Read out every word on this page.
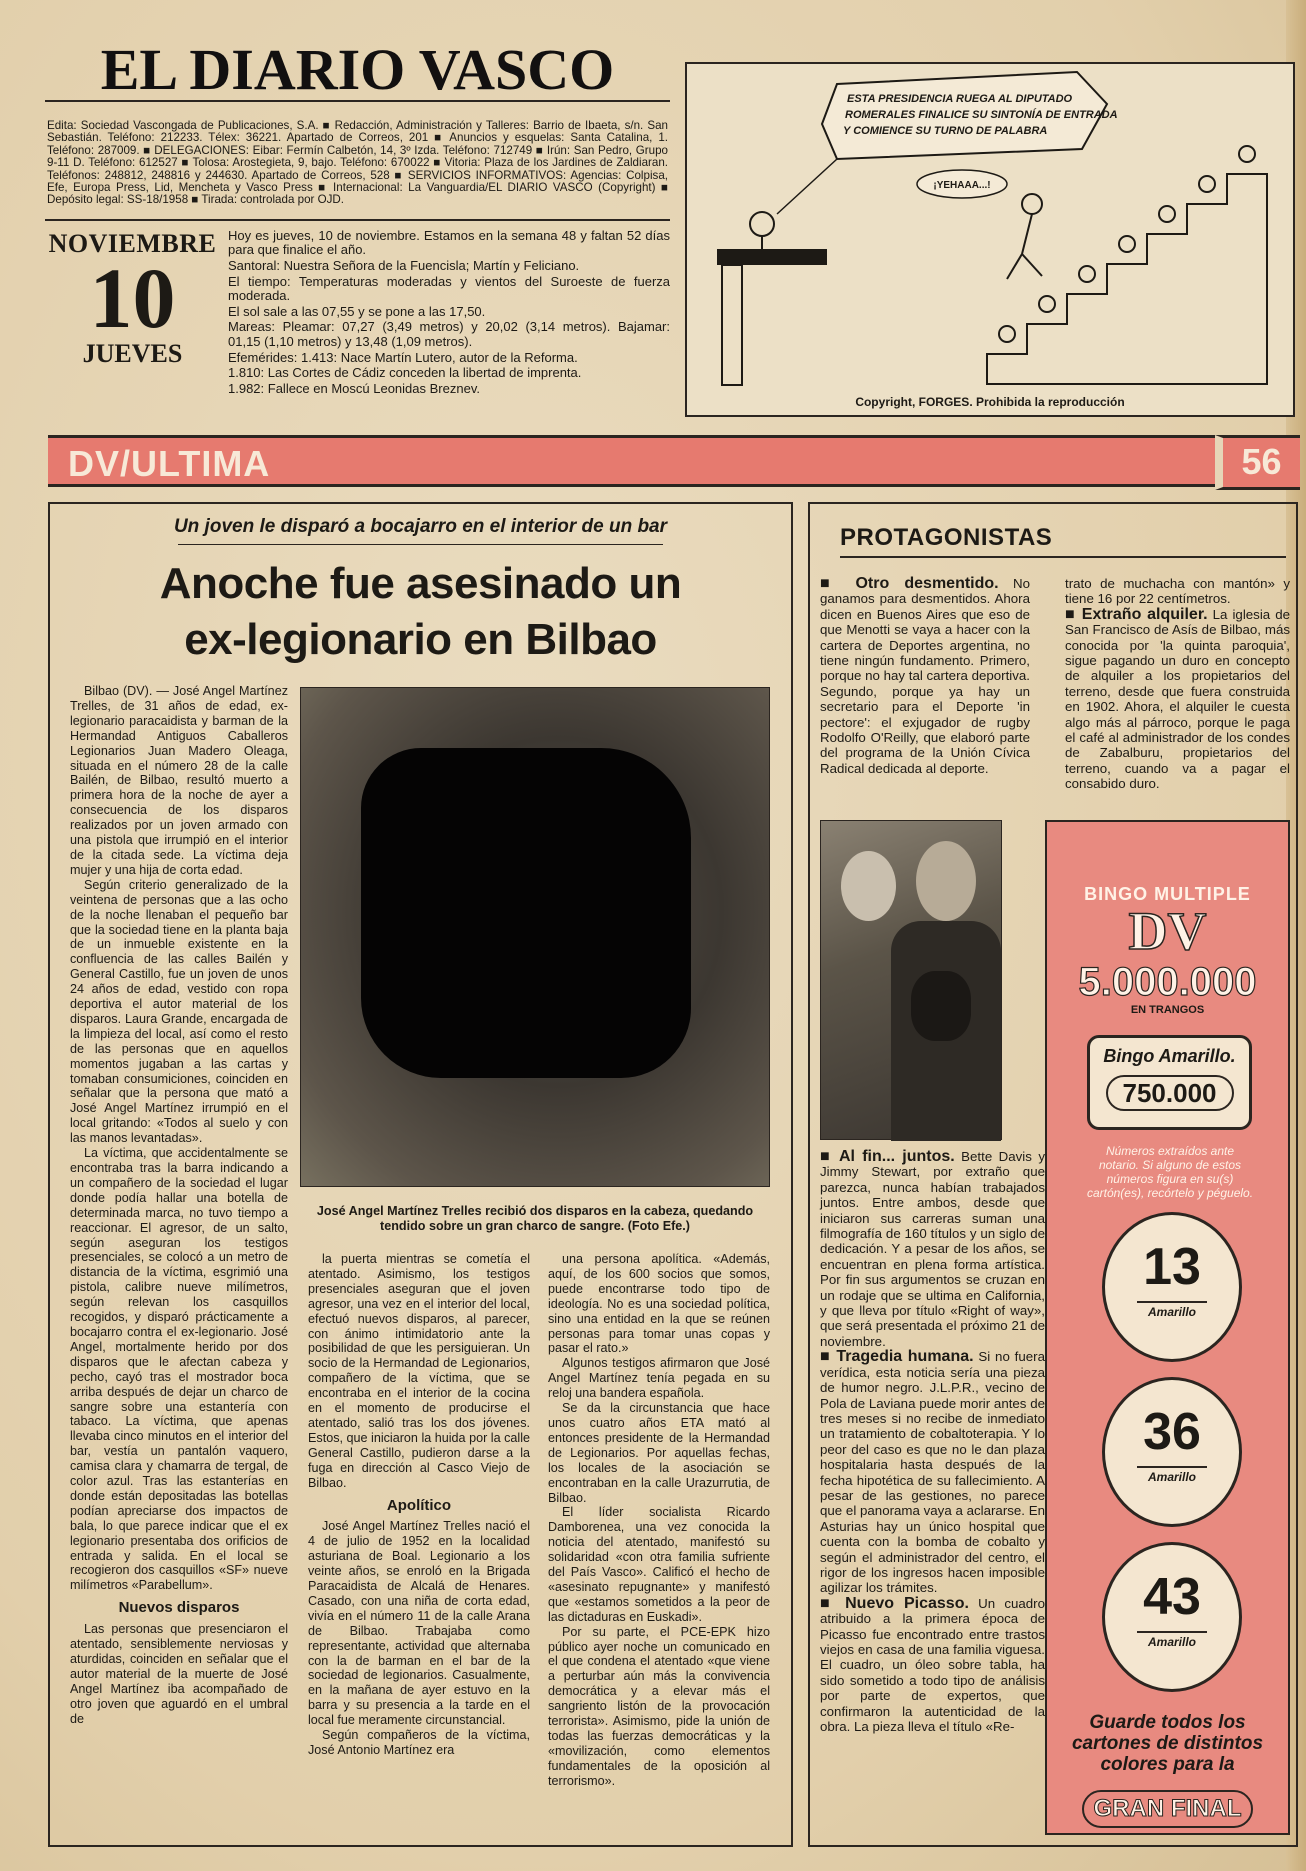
EL DIARIO VASCO
Edita: Sociedad Vascongada de Publicaciones, S.A. ■ Redacción, Administración y Talleres: Barrio de Ibaeta, s/n. San Sebastián. Teléfono: 212233. Télex: 36221. Apartado de Correos, 201 ■ Anuncios y esquelas: Santa Catalina, 1. Teléfono: 287009. ■ DELEGACIONES: Eibar: Fermín Calbetón, 14, 3º Izda. Teléfono: 712749 ■ Irún: San Pedro, Grupo 9-11 D. Teléfono: 612527 ■ Tolosa: Arostegieta, 9, bajo. Teléfono: 670022 ■ Vitoria: Plaza de los Jardines de Zaldiaran. Teléfonos: 248812, 248816 y 244630. Apartado de Correos, 528 ■ SERVICIOS INFORMATIVOS: Agencias: Colpisa, Efe, Europa Press, Lid, Mencheta y Vasco Press ■ Internacional: La Vanguardia/EL DIARIO VASCO (Copyright) ■ Depósito legal: SS-18/1958 ■ Tirada: controlada por OJD.
NOVIEMBRE
10
JUEVES

Hoy es jueves, 10 de noviembre. Estamos en la semana 48 y faltan 52 días para que finalice el año.

Santoral: Nuestra Señora de la Fuencisla; Martín y Feliciano.

El tiempo: Temperaturas moderadas y vientos del Suroeste de fuerza moderada.

El sol sale a las 07,55 y se pone a las 17,50.

Mareas: Pleamar: 07,27 (3,49 metros) y 20,02 (3,14 metros). Bajamar: 01,15 (1,10 metros) y 13,48 (1,09 metros).

Efemérides: 1.413: Nace Martín Lutero, autor de la Reforma.

1.810: Las Cortes de Cádiz conceden la libertad de imprenta.

1.982: Fallece en Moscú Leonidas Breznev.

ESTA PRESIDENCIA RUEGA AL DIPUTADO ROMERALES FINALICE SU SINTONÍA DE ENTRADA Y COMIENCE SU TURNO DE PALABRA
¡YEHAAA...!
Copyright, FORGES. Prohibida la reproducción
DV/ULTIMA	56
Un joven le disparó a bocajarro en el interior de un bar
Anoche fue asesinado un
ex-legionario en Bilbao

Bilbao (DV). — José Angel Martínez Trelles, de 31 años de edad, ex-legionario paracaidista y barman de la Hermandad Antiguos Caballeros Legionarios Juan Madero Oleaga, situada en el número 28 de la calle Bailén, de Bilbao, resultó muerto a primera hora de la noche de ayer a consecuencia de los disparos realizados por un joven armado con una pistola que irrumpió en el interior de la citada sede. La víctima deja mujer y una hija de corta edad.

Según criterio generalizado de la veintena de personas que a las ocho de la noche llenaban el pequeño bar que la sociedad tiene en la planta baja de un inmueble existente en la confluencia de las calles Bailén y General Castillo, fue un joven de unos 24 años de edad, vestido con ropa deportiva el autor material de los disparos. Laura Grande, encargada de la limpieza del local, así como el resto de las personas que en aquellos momentos jugaban a las cartas y tomaban consumiciones, coinciden en señalar que la persona que mató a José Angel Martínez irrumpió en el local gritando: «Todos al suelo y con las manos levantadas».

La víctima, que accidentalmente se encontraba tras la barra indicando a un compañero de la sociedad el lugar donde podía hallar una botella de determinada marca, no tuvo tiempo a reaccionar. El agresor, de un salto, según aseguran los testigos presenciales, se colocó a un metro de distancia de la víctima, esgrimió una pistola, calibre nueve milímetros, según relevan los casquillos recogidos, y disparó prácticamente a bocajarro contra el ex-legionario. José Angel, mortalmente herido por dos disparos que le afectan cabeza y pecho, cayó tras el mostrador boca arriba después de dejar un charco de sangre sobre una estantería con tabaco. La víctima, que apenas llevaba cinco minutos en el interior del bar, vestía un pantalón vaquero, camisa clara y chamarra de tergal, de color azul. Tras las estanterías en donde están depositadas las botellas podían apreciarse dos impactos de bala, lo que parece indicar que el ex legionario presentaba dos orificios de entrada y salida. En el local se recogieron dos casquillos «SF» nueve milímetros «Parabellum».

Nuevos disparos

Las personas que presenciaron el atentado, sensiblemente nerviosas y aturdidas, coinciden en señalar que el autor material de la muerte de José Angel Martínez iba acompañado de otro joven que aguardó en el umbral de

José Angel Martínez Trelles recibió dos disparos en la cabeza, quedando tendido sobre un gran charco de sangre. (Foto Efe.)

la puerta mientras se cometía el atentado. Asimismo, los testigos presenciales aseguran que el joven agresor, una vez en el interior del local, efectuó nuevos disparos, al parecer, con ánimo intimidatorio ante la posibilidad de que les persiguieran. Un socio de la Hermandad de Legionarios, compañero de la víctima, que se encontraba en el interior de la cocina en el momento de producirse el atentado, salió tras los dos jóvenes. Estos, que iniciaron la huida por la calle General Castillo, pudieron darse a la fuga en dirección al Casco Viejo de Bilbao.

Apolítico

José Angel Martínez Trelles nació el 4 de julio de 1952 en la localidad asturiana de Boal. Legionario a los veinte años, se enroló en la Brigada Paracaidista de Alcalá de Henares. Casado, con una niña de corta edad, vivía en el número 11 de la calle Arana de Bilbao. Trabajaba como representante, actividad que alternaba con la de barman en el bar de la sociedad de legionarios. Casualmente, en la mañana de ayer estuvo en la barra y su presencia a la tarde en el local fue meramente circunstancial.

Según compañeros de la víctima, José Antonio Martínez era

una persona apolítica. «Además, aquí, de los 600 socios que somos, puede encontrarse todo tipo de ideología. No es una sociedad política, sino una entidad en la que se reúnen personas para tomar unas copas y pasar el rato.»

Algunos testigos afirmaron que José Angel Martínez tenía pegada en su reloj una bandera española.

Se da la circunstancia que hace unos cuatro años ETA mató al entonces presidente de la Hermandad de Legionarios. Por aquellas fechas, los locales de la asociación se encontraban en la calle Urazurrutia, de Bilbao.

El líder socialista Ricardo Damborenea, una vez conocida la noticia del atentado, manifestó su solidaridad «con otra familia sufriente del País Vasco». Calificó el hecho de «asesinato repugnante» y manifestó que «estamos sometidos a la peor de las dictaduras en Euskadi».

Por su parte, el PCE-EPK hizo público ayer noche un comunicado en el que condena el atentado «que viene a perturbar aún más la convivencia democrática y a elevar más el sangriento listón de la provocación terrorista». Asimismo, pide la unión de todas las fuerzas democráticas y la «movilización, como elementos fundamentales de la oposición al terrorismo».

PROTAGONISTAS

■ Otro desmentido. No ganamos para desmentidos. Ahora dicen en Buenos Aires que eso de que Menotti se vaya a hacer con la cartera de Deportes argentina, no tiene ningún fundamento. Primero, porque no hay tal cartera deportiva. Segundo, porque ya hay un secretario para el Deporte 'in pectore': el exjugador de rugby Rodolfo O'Reilly, que elaboró parte del programa de la Unión Cívica Radical dedicada al deporte.

■ Al fin... juntos. Bette Davis y Jimmy Stewart, por extraño que parezca, nunca habían trabajados juntos. Entre ambos, desde que iniciaron sus carreras suman una filmografía de 160 títulos y un siglo de dedicación. Y a pesar de los años, se encuentran en plena forma artística. Por fin sus argumentos se cruzan en un rodaje que se ultima en California, y que lleva por título «Right of way», que será presentada el próximo 21 de noviembre.

■ Tragedia humana. Si no fuera verídica, esta noticia sería una pieza de humor negro. J.L.P.R., vecino de Pola de Laviana puede morir antes de tres meses si no recibe de inmediato un tratamiento de cobaltoterapia. Y lo peor del caso es que no le dan plaza hospitalaria hasta después de la fecha hipotética de su fallecimiento. A pesar de las gestiones, no parece que el panorama vaya a aclararse. En Asturias hay un único hospital que cuenta con la bomba de cobalto y según el administrador del centro, el rigor de los ingresos hacen imposible agilizar los trámites.

■ Nuevo Picasso. Un cuadro atribuido a la primera época de Picasso fue encontrado entre trastos viejos en casa de una familia viguesa. El cuadro, un óleo sobre tabla, ha sido sometido a todo tipo de análisis por parte de expertos, que confirmaron la autenticidad de la obra. La pieza lleva el título «Re-

trato de muchacha con mantón» y tiene 16 por 22 centímetros.

■ Extraño alquiler. La iglesia de San Francisco de Asís de Bilbao, más conocida por 'la quinta paroquia', sigue pagando un duro en concepto de alquiler a los propietarios del terreno, desde que fuera construida en 1902. Ahora, el alquiler le cuesta algo más al párroco, porque le paga el café al administrador de los condes de Zabalburu, propietarios del terreno, cuando va a pagar el consabido duro.

BINGO MULTIPLE
DV
5.000.000
EN TRANGOS
Bingo Amarillo.
750.000
Números extraídos ante notario. Si alguno de estos números figura en su(s) cartón(es), recórtelo y péguelo.
13
Amarillo
36
Amarillo
43
Amarillo
Guarde todos los cartones de distintos colores para la
GRAN FINAL
